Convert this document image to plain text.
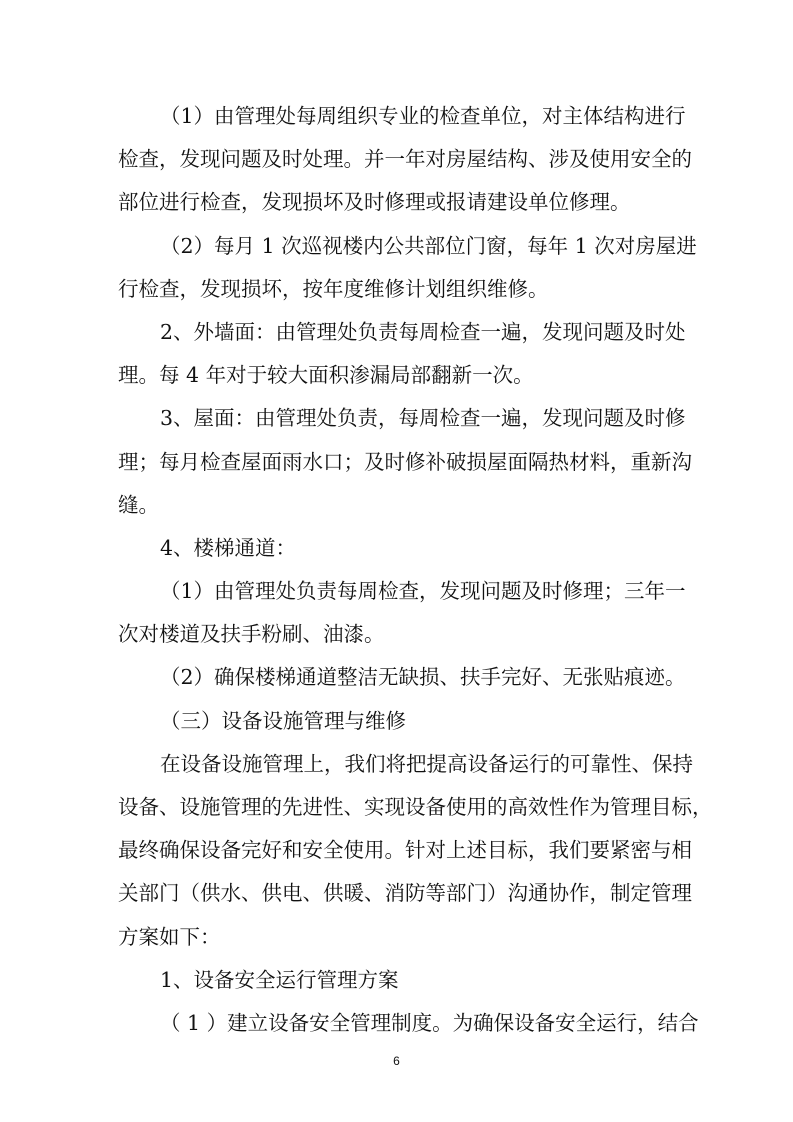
（1）由管理处每周组织专业的检查单位，对主体结构进行
检查，发现问题及时处理。并一年对房屋结构、涉及使用安全的
部位进行检查，发现损坏及时修理或报请建设单位修理。
（2）每月 1 次巡视楼内公共部位门窗，每年 1 次对房屋进
行检查，发现损坏，按年度维修计划组织维修。
2、外墙面：由管理处负责每周检查一遍，发现问题及时处
理。每 4 年对于较大面积渗漏局部翻新一次。
3、屋面：由管理处负责，每周检查一遍，发现问题及时修
理；每月检查屋面雨水口；及时修补破损屋面隔热材料，重新沟
缝。
4、楼梯通道：
（1）由管理处负责每周检查，发现问题及时修理；三年一
次对楼道及扶手粉刷、油漆。
（2）确保楼梯通道整洁无缺损、扶手完好、无张贴痕迹。
（三）设备设施管理与维修
在设备设施管理上，我们将把提高设备运行的可靠性、保持
设备、设施管理的先进性、实现设备使用的高效性作为管理目标，
最终确保设备完好和安全使用。针对上述目标，我们要紧密与相
关部门（供水、供电、供暖、消防等部门）沟通协作，制定管理
方案如下：
1、设备安全运行管理方案
（ 1 ）建立设备安全管理制度。为确保设备安全运行，结合
6
